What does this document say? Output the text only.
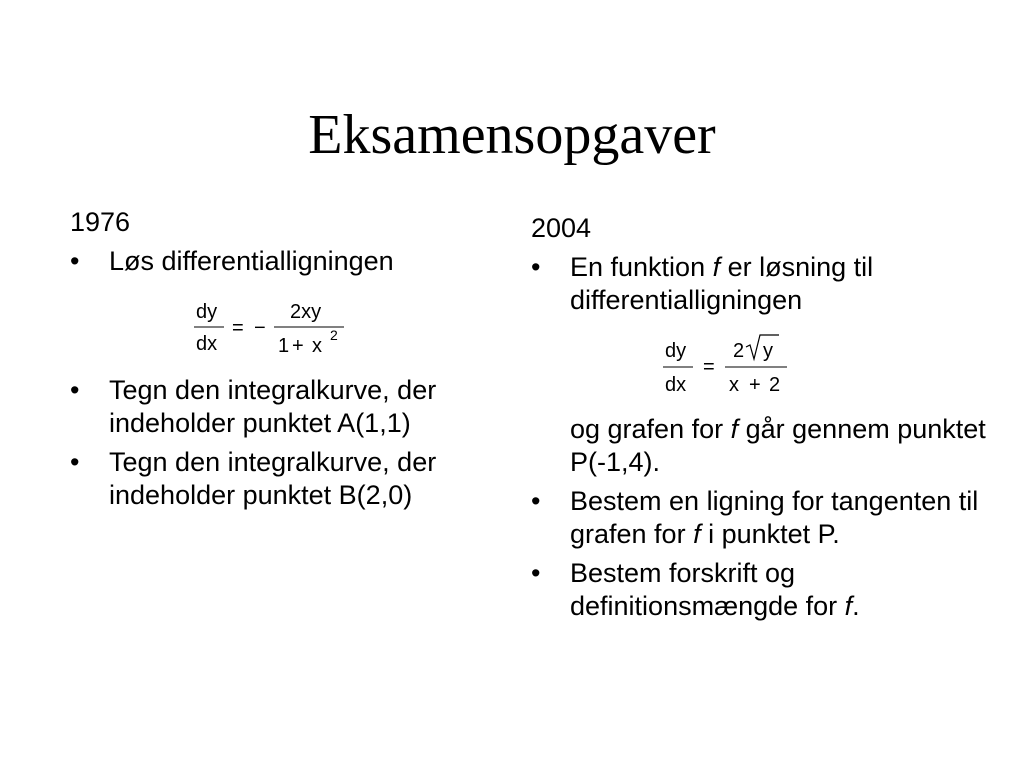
Eksamensopgaver
1976
• Løs differentialligningen
dy
dx
= −
2xy
1 + x 2
• Tegn den integralkurve, der indeholder punktet A(1,1)
• Tegn den integralkurve, der indeholder punktet B(2,0)
2004
• En funktion f er løsning til differentialligningen
dy
dx
=
2 y
x + 2
og grafen for f går gennem punktet P(-1,4).
• Bestem en ligning for tangenten til grafen for f i punktet P.
• Bestem forskrift og definitionsmængde for f.
